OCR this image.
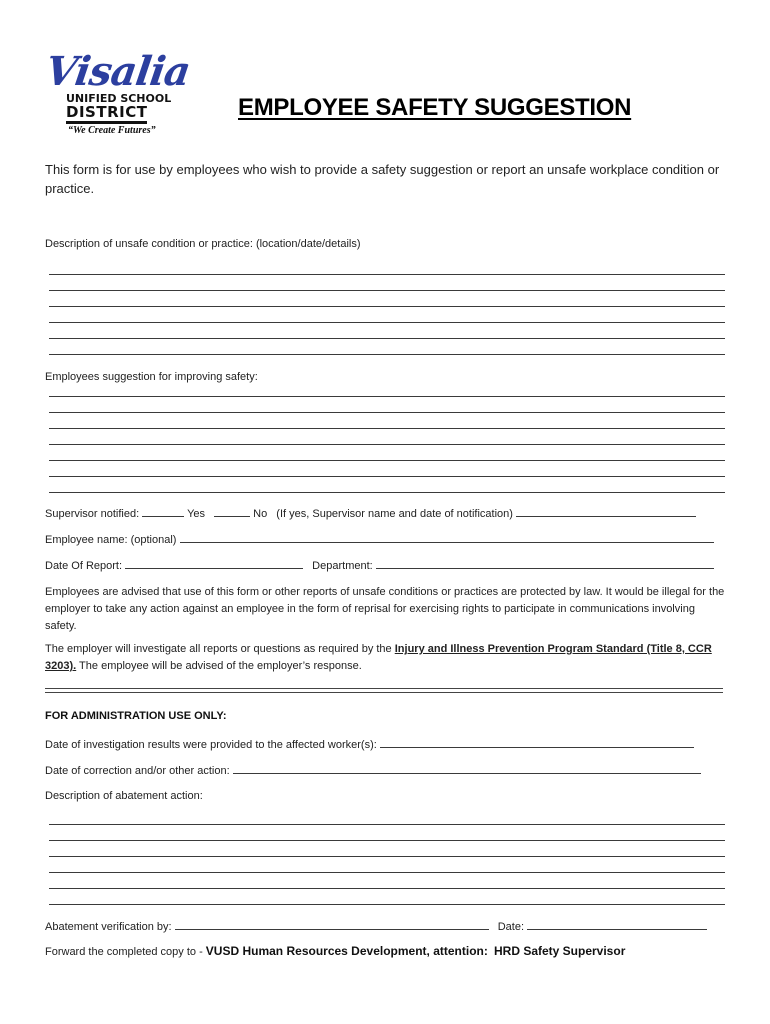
Visalia
UNIFIED SCHOOL
DISTRICT
“We Create Futures”
EMPLOYEE SAFETY SUGGESTION
This form is for use by employees who wish to provide a safety suggestion or report an unsafe workplace condition or practice.
Description of unsafe condition or practice: (location/date/details)
Employees suggestion for improving safety:
Supervisor notified:	Yes	No (If yes, Supervisor name and date of notification)
Employee name: (optional)
Date Of Report:	Department:
Employees are advised that use of this form or other reports of unsafe conditions or practices are protected by law. It would be illegal for the employer to take any action against an employee in the form of reprisal for exercising rights to participate in communications involving safety.
The employer will investigate all reports or questions as required by the Injury and Illness Prevention Program Standard (Title 8, CCR 3203). The employee will be advised of the employer’s response.
FOR ADMINISTRATION USE ONLY:
Date of investigation results were provided to the affected worker(s):
Date of correction and/or other action:
Description of abatement action:
Abatement verification by:	Date:
Forward the completed copy to - VUSD Human Resources Development, attention: HRD Safety Supervisor
